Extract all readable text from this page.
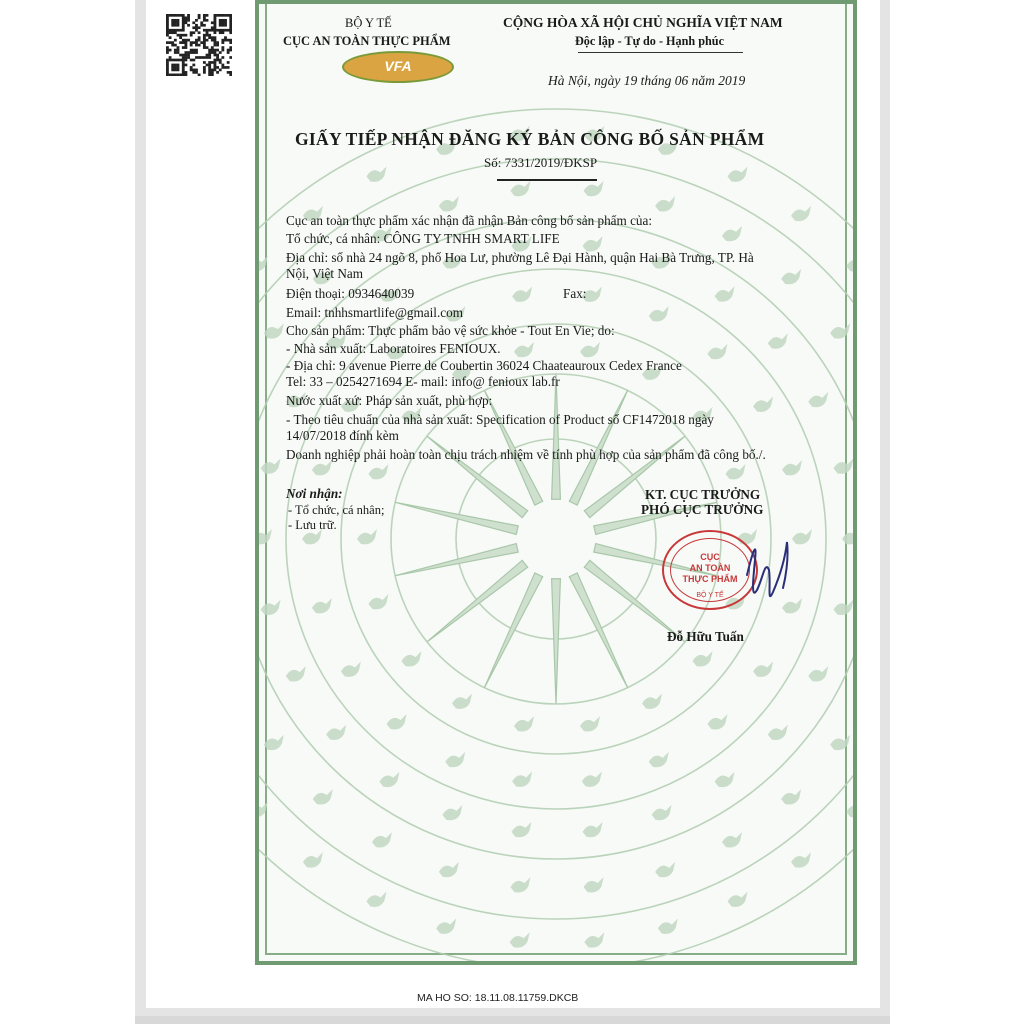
BỘ Y TẾ
CỤC AN TOÀN THỰC PHẨM
VFA
CỘNG HÒA XÃ HỘI CHỦ NGHĨA VIỆT NAM
Độc lập - Tự do - Hạnh phúc
Hà Nội, ngày 19 tháng 06 năm 2019
GIẤY TIẾP NHẬN ĐĂNG KÝ BẢN CÔNG BỐ SẢN PHẨM
Số: 7331/2019/ĐKSP
Cục an toàn thực phẩm xác nhận đã nhận Bản công bố sản phẩm của:
Tổ chức, cá nhân: CÔNG TY TNHH SMART LIFE
Địa chỉ: số nhà 24 ngõ 8, phố Hoa Lư, phường Lê Đại Hành, quận Hai Bà Trưng, TP. Hà
Nội, Việt Nam
Điện thoại: 0934640039	Fax:
Email: tnhhsmartlife@gmail.com
Cho sản phẩm: Thực phẩm bảo vệ sức khỏe - Tout En Vie; do:
- Nhà sản xuất: Laboratoires FENIOUX.
- Địa chỉ: 9 avenue Pierre de Coubertin 36024 Chaateauroux Cedex France
Tel: 33 – 0254271694 E- mail: info@ fenioux lab.fr
Nước xuất xứ: Pháp sản xuất, phù hợp:
- Theo tiêu chuẩn của nhà sản xuất: Specification of Product số CF1472018 ngày
14/07/2018 đính kèm
Doanh nghiệp phải hoàn toàn chịu trách nhiệm về tính phù hợp của sản phẩm đã công bố./.
Nơi nhận:
- Tổ chức, cá nhân;
- Lưu trữ.
KT. CỤC TRƯỞNG
PHÓ CỤC TRƯỞNG
CỤC
AN TOÀN
THỰC PHẨM
BỘ Y TẾ
Đỗ Hữu Tuấn
MA HO SO: 18.11.08.11759.DKCB
